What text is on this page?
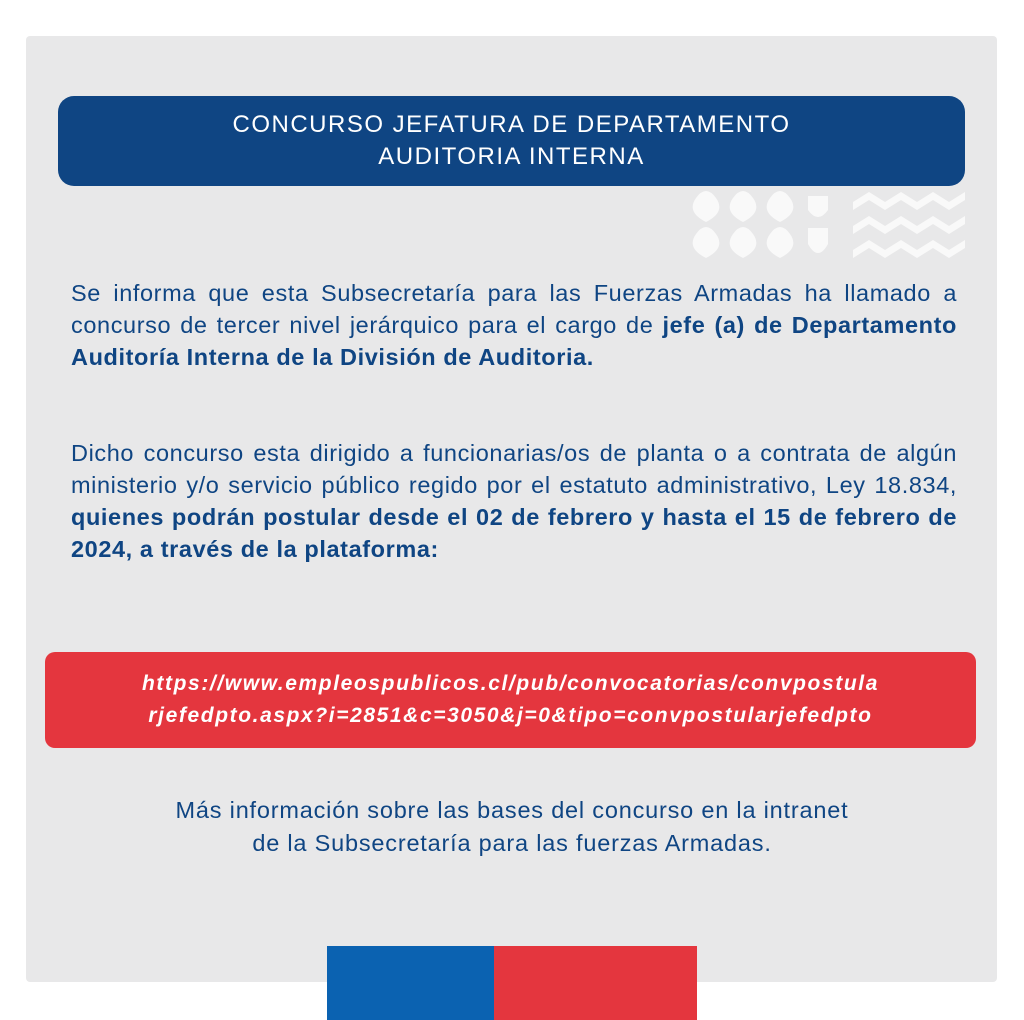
CONCURSO JEFATURA DE DEPARTAMENTO
AUDITORIA INTERNA

Se informa que esta Subsecretaría para las Fuerzas Armadas ha llamado a concurso de tercer nivel jerárquico para el cargo de jefe (a) de Departamento Auditoría Interna de la División de Auditoria.

Dicho concurso esta dirigido a funcionarias/os de planta o a contrata de algún ministerio y/o servicio público regido por el estatuto administrativo, Ley 18.834, quienes podrán postular desde el 02 de febrero y hasta el 15 de febrero de 2024, a través de la plataforma:

https://www.empleospublicos.cl/pub/convocatorias/convpostula
rjefedpto.aspx?i=2851&c=3050&j=0&tipo=convpostularjefedpto
Más información sobre las bases del concurso en la intranet
de la Subsecretaría para las fuerzas Armadas.
